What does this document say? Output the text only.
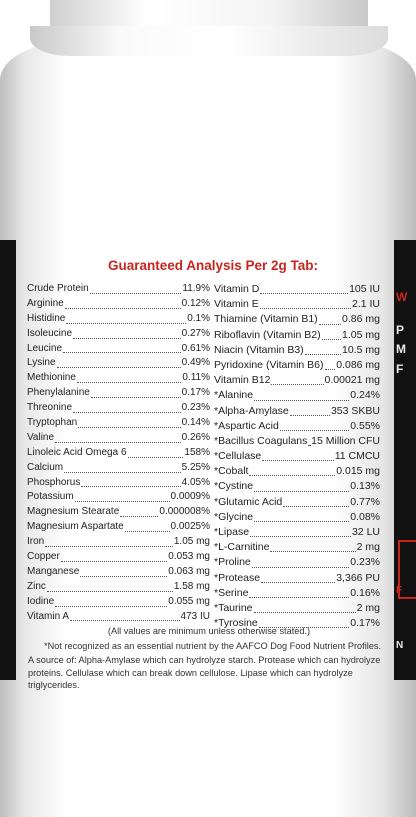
W
P
M
F
F
N
Guaranteed Analysis Per 2g Tab:
Crude Protein	11.9%
Arginine	0.12%
Histidine	0.1%
Isoleucine	0.27%
Leucine	0.61%
Lysine	0.49%
Methionine	0.11%
Phenylalanine	0.17%
Threonine	0.23%
Tryptophan	0.14%
Valine	0.26%
Linoleic Acid Omega 6	158%
Calcium	5.25%
Phosphorus	4.05%
Potassium	0.0009%
Magnesium Stearate	0.000008%
Magnesium Aspartate	0.0025%
Iron	1.05 mg
Copper	0.053 mg
Manganese	0.063 mg
Zinc	1.58 mg
Iodine	0.055 mg
Vitamin A	473 IU
Vitamin D	105 IU
Vitamin E	2.1 IU
Thiamine (Vitamin B1) 0.86 mg
Riboflavin (Vitamin B2) 1.05 mg
Niacin (Vitamin B3)	10.5 mg
Pyridoxine (Vitamin B6) 0.086 mg
Vitamin B12	0.00021 mg
*Alanine	0.24%
*Alpha-Amylase	353 SKBU
*Aspartic Acid	0.55%
*Bacillus Coagulans 15 Million CFU
*Cellulase	11 CMCU
*Cobalt	0.015 mg
*Cystine	0.13%
*Glutamic Acid	0.77%
*Glycine	0.08%
*Lipase	32 LU
*L-Carnitine	2 mg
*Proline	0.23%
*Protease	3,366 PU
*Serine	0.16%
*Taurine	2 mg
*Tyrosine	0.17%
(All values are minimum unless otherwise stated.)
*Not recognized as an essential nutrient by the AAFCO Dog Food Nutrient Profiles.
A source of: Alpha-Amylase which can hydrolyze starch. Protease which can hydrolyze proteins. Cellulase which can break down cellulose. Lipase which can hydrolyze triglycerides.
